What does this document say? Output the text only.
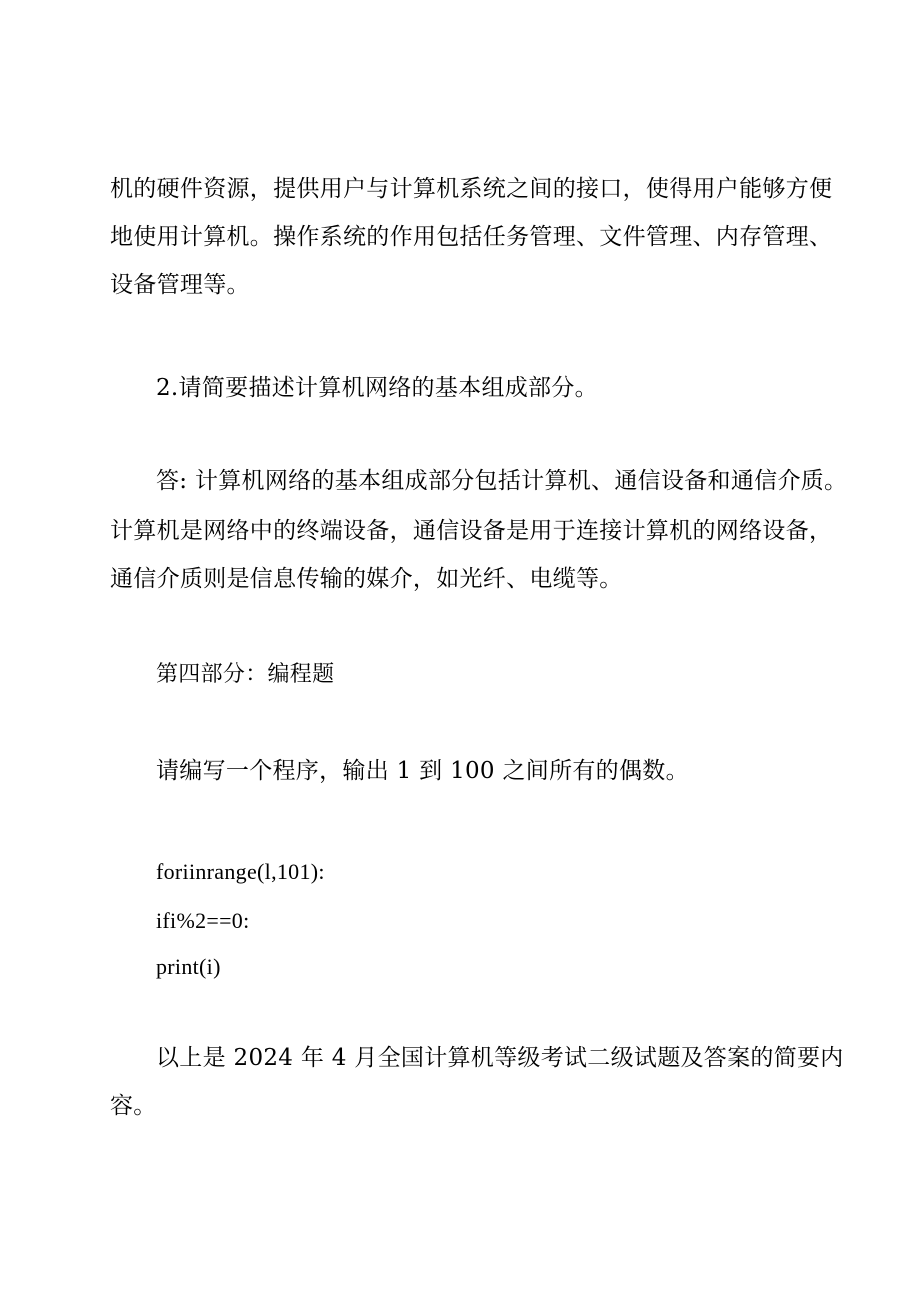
机的硬件资源，提供用户与计算机系统之间的接口，使得用户能够方便
地使用计算机。操作系统的作用包括任务管理、文件管理、内存管理、
设备管理等。
2.请简要描述计算机网络的基本组成部分。
答: 计算机网络的基本组成部分包括计算机、通信设备和通信介质。
计算机是网络中的终端设备，通信设备是用于连接计算机的网络设备，
通信介质则是信息传输的媒介，如光纤、电缆等。
第四部分：编程题
请编写一个程序，输出 1 到 100 之间所有的偶数。
foriinrange(l,101):
ifi%2==0:
print(i)
以上是 2024 年 4 月全国计算机等级考试二级试题及答案的简要内
容。
